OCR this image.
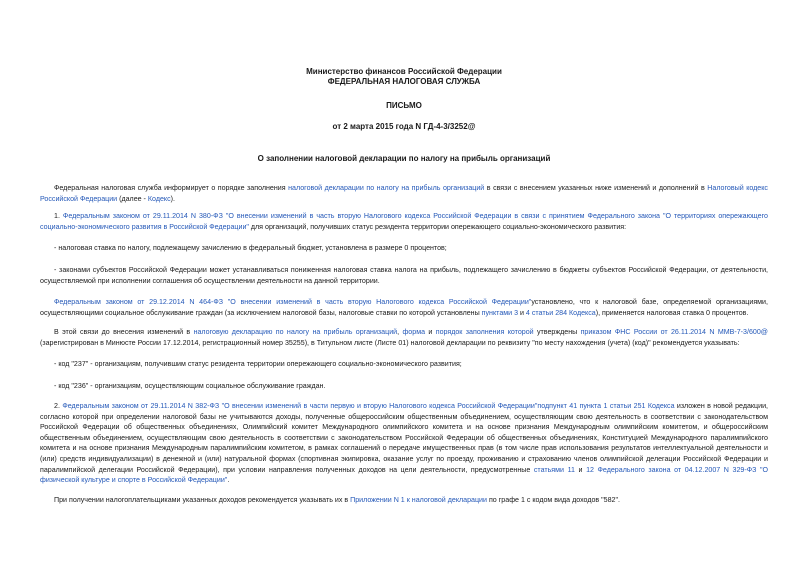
Министерство финансов Российской Федерации
ФЕДЕРАЛЬНАЯ НАЛОГОВАЯ СЛУЖБА
ПИСЬМО
от 2 марта 2015 года N ГД-4-3/3252@
О заполнении налоговой декларации по налогу на прибыль организаций

Федеральная налоговая служба информирует о порядке заполнения налоговой декларации по налогу на прибыль организаций в связи с внесением указанных ниже изменений и дополнений в Налоговый кодекс Российской Федерации (далее - Кодекс).

1. Федеральным законом от 29.11.2014 N 380-ФЗ "О внесении изменений в часть вторую Налогового кодекса Российской Федерации в связи с принятием Федерального закона "О территориях опережающего социально-экономического развития в Российской Федерации" для организаций, получивших статус резидента территории опережающего социально-экономического развития:

- налоговая ставка по налогу, подлежащему зачислению в федеральный бюджет, установлена в размере 0 процентов;

- законами субъектов Российской Федерации может устанавливаться пониженная налоговая ставка налога на прибыль, подлежащего зачислению в бюджеты субъектов Российской Федерации, от деятельности, осуществляемой при исполнении соглашения об осуществлении деятельности на данной территории.

Федеральным законом от 29.12.2014 N 464-ФЗ "О внесении изменений в часть вторую Налогового кодекса Российской Федерации"установлено, что к налоговой базе, определяемой организациями, осуществляющими социальное обслуживание граждан (за исключением налоговой базы, налоговые ставки по которой установлены пунктами 3 и 4 статьи 284 Кодекса), применяется налоговая ставка 0 процентов.

В этой связи до внесения изменений в налоговую декларацию по налогу на прибыль организаций, форма и порядок заполнения которой утверждены приказом ФНС России от 26.11.2014 N ММВ-7-3/600@ (зарегистрирован в Минюсте России 17.12.2014, регистрационный номер 35255), в Титульном листе (Листе 01) налоговой декларации по реквизиту "по месту нахождения (учета) (код)" рекомендуется указывать:

- код "237" - организациям, получившим статус резидента территории опережающего социально-экономического развития;

- код "236" - организациям, осуществляющим социальное обслуживание граждан.

2. Федеральным законом от 29.11.2014 N 382-ФЗ "О внесении изменений в части первую и вторую Налогового кодекса Российской Федерации"подпункт 41 пункта 1 статьи 251 Кодекса изложен в новой редакции, согласно которой при определении налоговой базы не учитываются доходы, полученные общероссийским общественным объединением, осуществляющим свою деятельность в соответствии с законодательством Российской Федерации об общественных объединениях, Олимпийский комитет Международного олимпийского комитета и на основе признания Международным олимпийским комитетом, и общероссийским общественным объединением, осуществляющим свою деятельность в соответствии с законодательством Российской Федерации об общественных объединениях, Конституцией Международного паралимпийского комитета и на основе признания Международным паралимпийским комитетом, в рамках соглашений о передаче имущественных прав (в том числе прав использования результатов интеллектуальной деятельности и (или) средств индивидуализации) в денежной и (или) натуральной формах (спортивная экипировка, оказание услуг по проезду, проживанию и страхованию членов олимпийской делегации Российской Федерации и паралимпийской делегации Российской Федерации), при условии направления полученных доходов на цели деятельности, предусмотренные статьями 11 и 12 Федерального закона от 04.12.2007 N 329-ФЗ "О физической культуре и спорте в Российской Федерации".

При получении налогоплательщиками указанных доходов рекомендуется указывать их в Приложении N 1 к налоговой декларации по графе 1 с кодом вида доходов "582".
